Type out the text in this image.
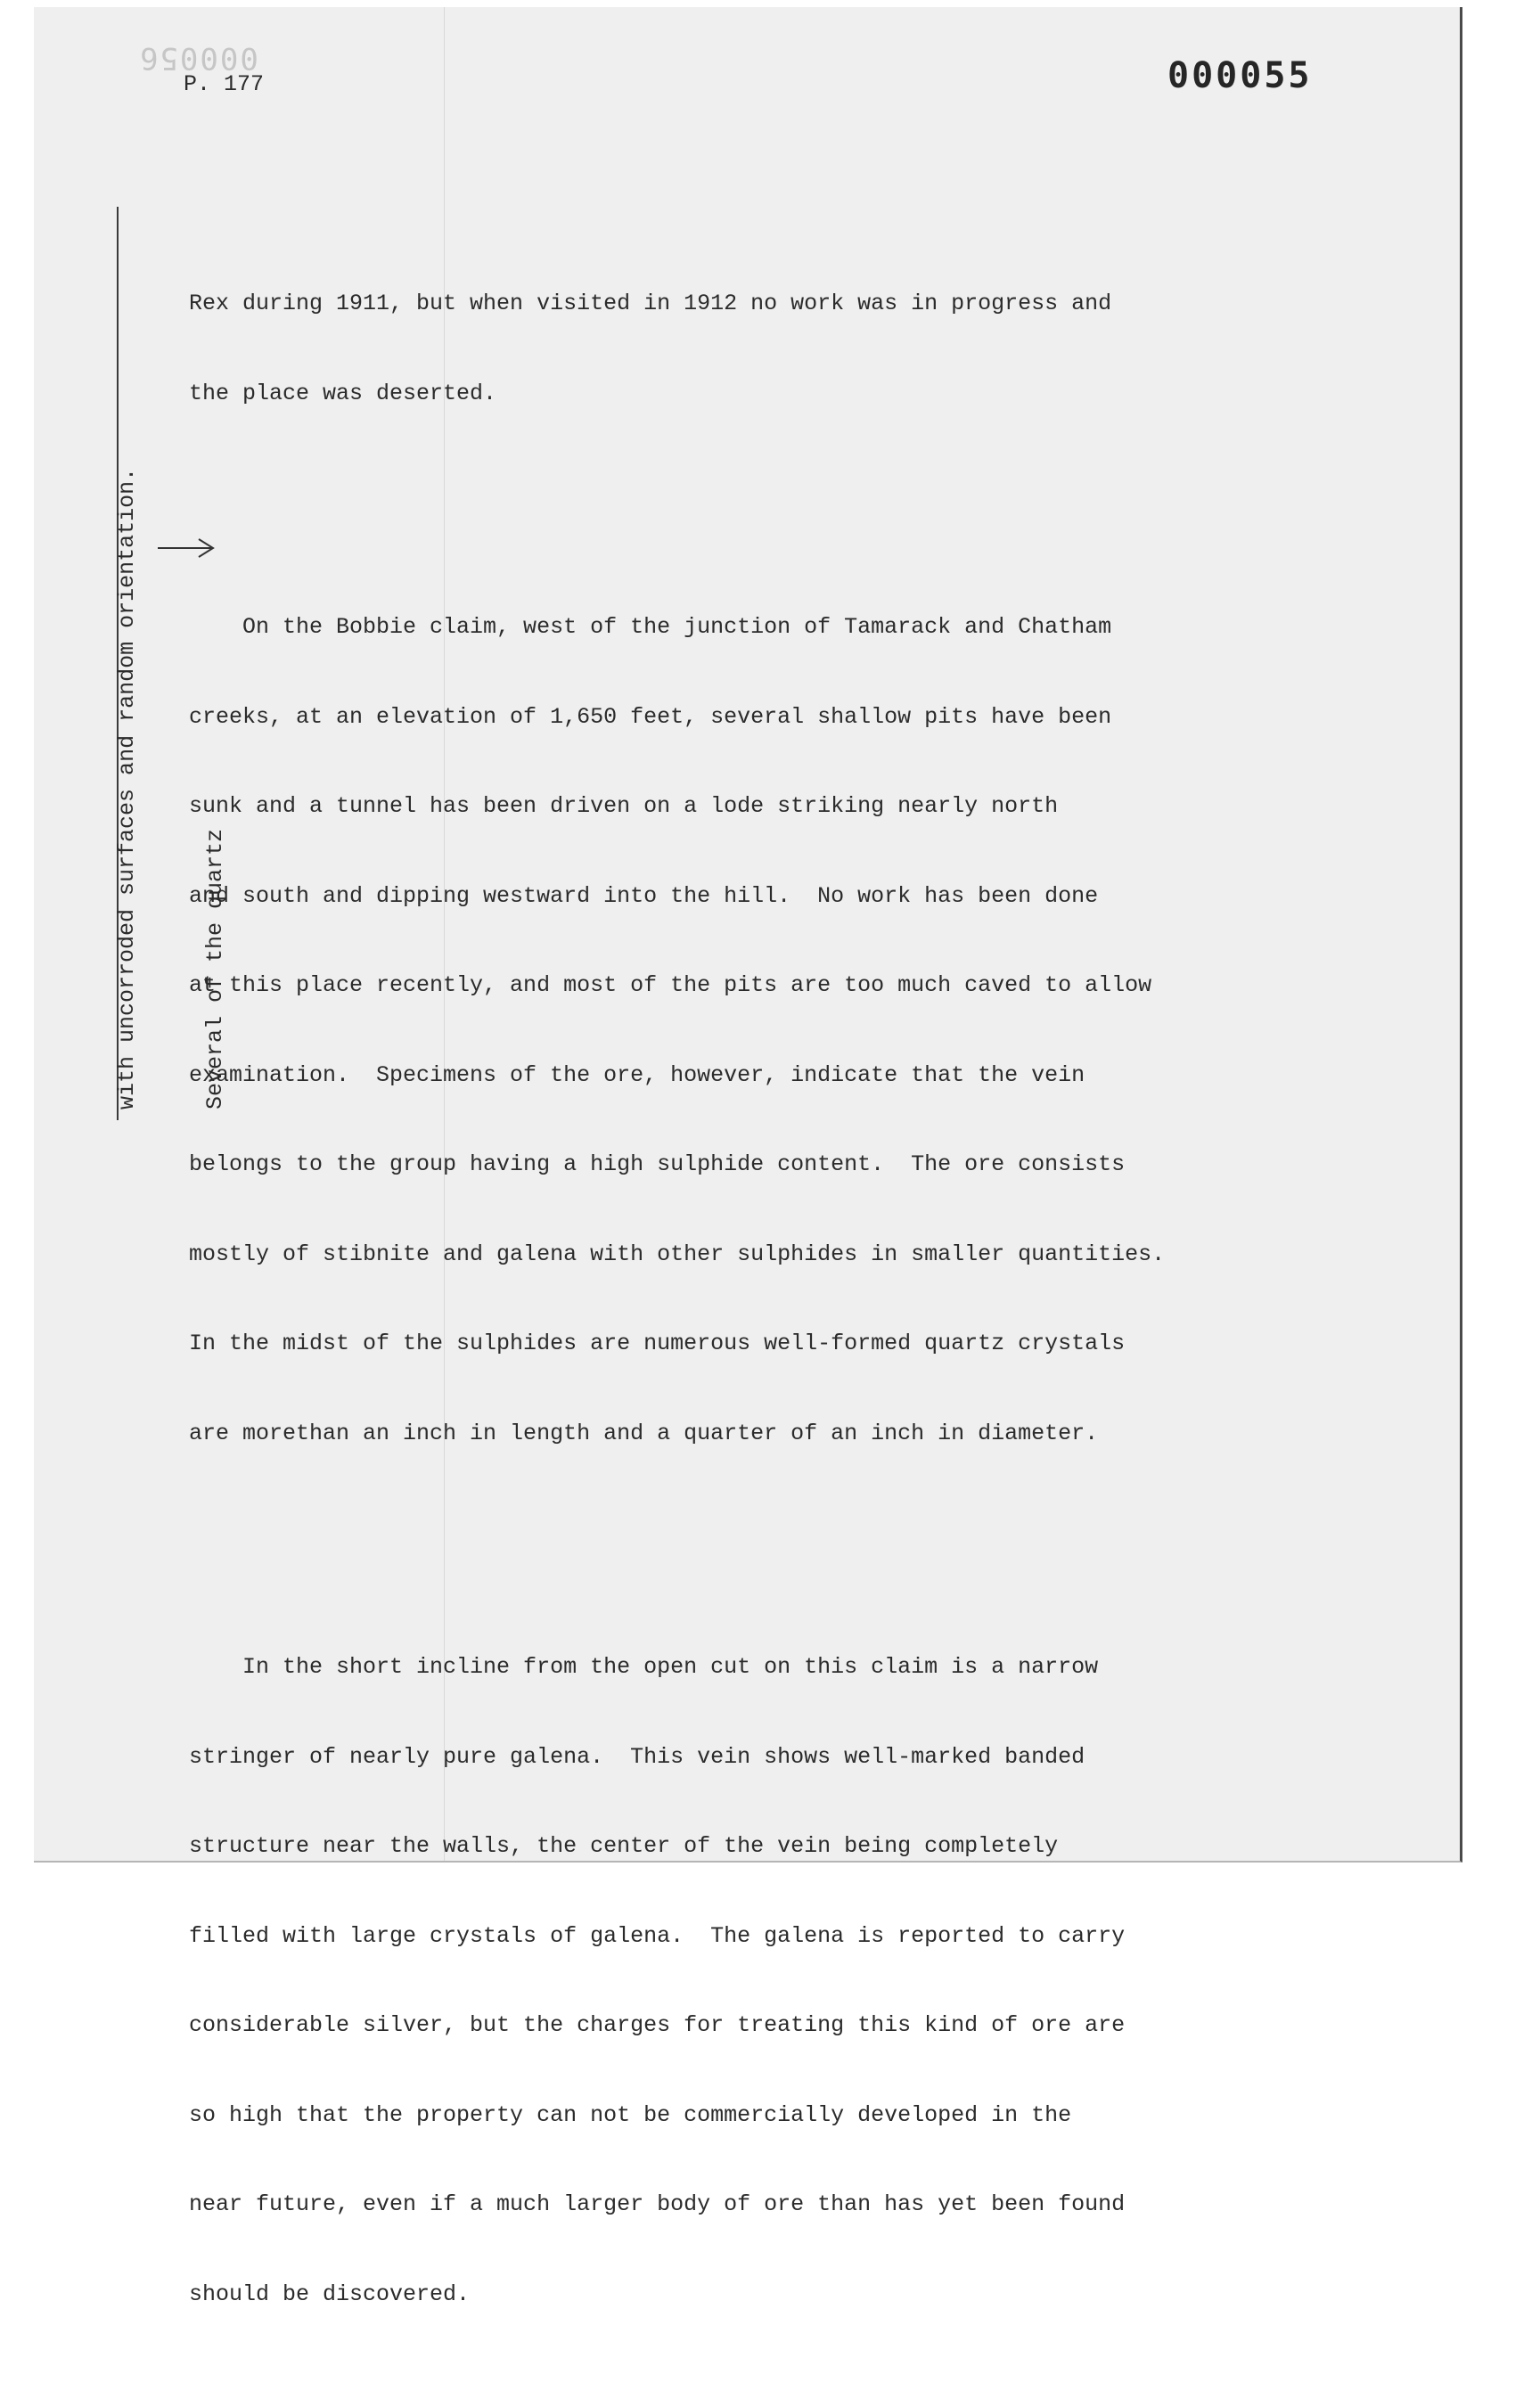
000056
P. 177	000055

with uncorroded surfaces and random orientation.

	Several of the quartz

Rex during 1911, but when visited in 1912 no work was in progress and

the place was deserted.

On the Bobbie claim, west of the junction of Tamarack and Chatham

creeks, at an elevation of 1,650 feet, several shallow pits have been

sunk and a tunnel has been driven on a lode striking nearly north

and south and dipping westward into the hill.  No work has been done

at this place recently, and most of the pits are too much caved to allow

examination.  Specimens of the ore, however, indicate that the vein

belongs to the group having a high sulphide content.  The ore consists

mostly of stibnite and galena with other sulphides in smaller quantities.

In the midst of the sulphides are numerous well-formed quartz crystals

are morethan an inch in length and a quarter of an inch in diameter.

In the short incline from the open cut on this claim is a narrow

stringer of nearly pure galena.  This vein shows well-marked banded

structure near the walls, the center of the vein being completely

filled with large crystals of galena.  The galena is reported to carry

considerable silver, but the charges for treating this kind of ore are

so high that the property can not be commercially developed in the

near future, even if a much larger body of ore than has yet been found

should be discovered.
